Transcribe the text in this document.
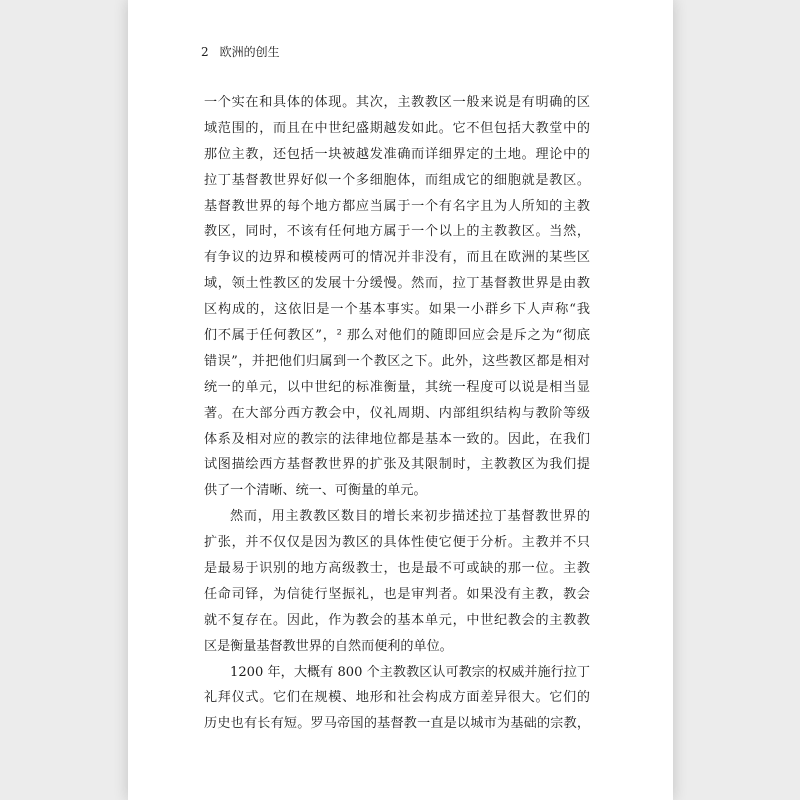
2 欧洲的创生
一个实在和具体的体现。其次，主教教区一般来说是有明确的区
域范围的，而且在中世纪盛期越发如此。它不但包括大教堂中的
那位主教，还包括一块被越发准确而详细界定的土地。理论中的
拉丁基督教世界好似一个多细胞体，而组成它的细胞就是教区。
基督教世界的每个地方都应当属于一个有名字且为人所知的主教
教区，同时，不该有任何地方属于一个以上的主教教区。当然，
有争议的边界和模棱两可的情况并非没有，而且在欧洲的某些区
域，领土性教区的发展十分缓慢。然而，拉丁基督教世界是由教
区构成的，这依旧是一个基本事实。如果一小群乡下人声称“我
们不属于任何教区”，² 那么对他们的随即回应会是斥之为“彻底
错误”，并把他们归属到一个教区之下。此外，这些教区都是相对
统一的单元，以中世纪的标准衡量，其统一程度可以说是相当显
著。在大部分西方教会中，仪礼周期、内部组织结构与教阶等级
体系及相对应的教宗的法律地位都是基本一致的。因此，在我们
试图描绘西方基督教世界的扩张及其限制时，主教教区为我们提
供了一个清晰、统一、可衡量的单元。
然而，用主教教区数目的增长来初步描述拉丁基督教世界的
扩张，并不仅仅是因为教区的具体性使它便于分析。主教并不只
是最易于识别的地方高级教士，也是最不可或缺的那一位。主教
任命司铎，为信徒行坚振礼，也是审判者。如果没有主教，教会
就不复存在。因此，作为教会的基本单元，中世纪教会的主教教
区是衡量基督教世界的自然而便利的单位。
1200 年，大概有 800 个主教教区认可教宗的权威并施行拉丁
礼拜仪式。它们在规模、地形和社会构成方面差异很大。它们的
历史也有长有短。罗马帝国的基督教一直是以城市为基础的宗教，
